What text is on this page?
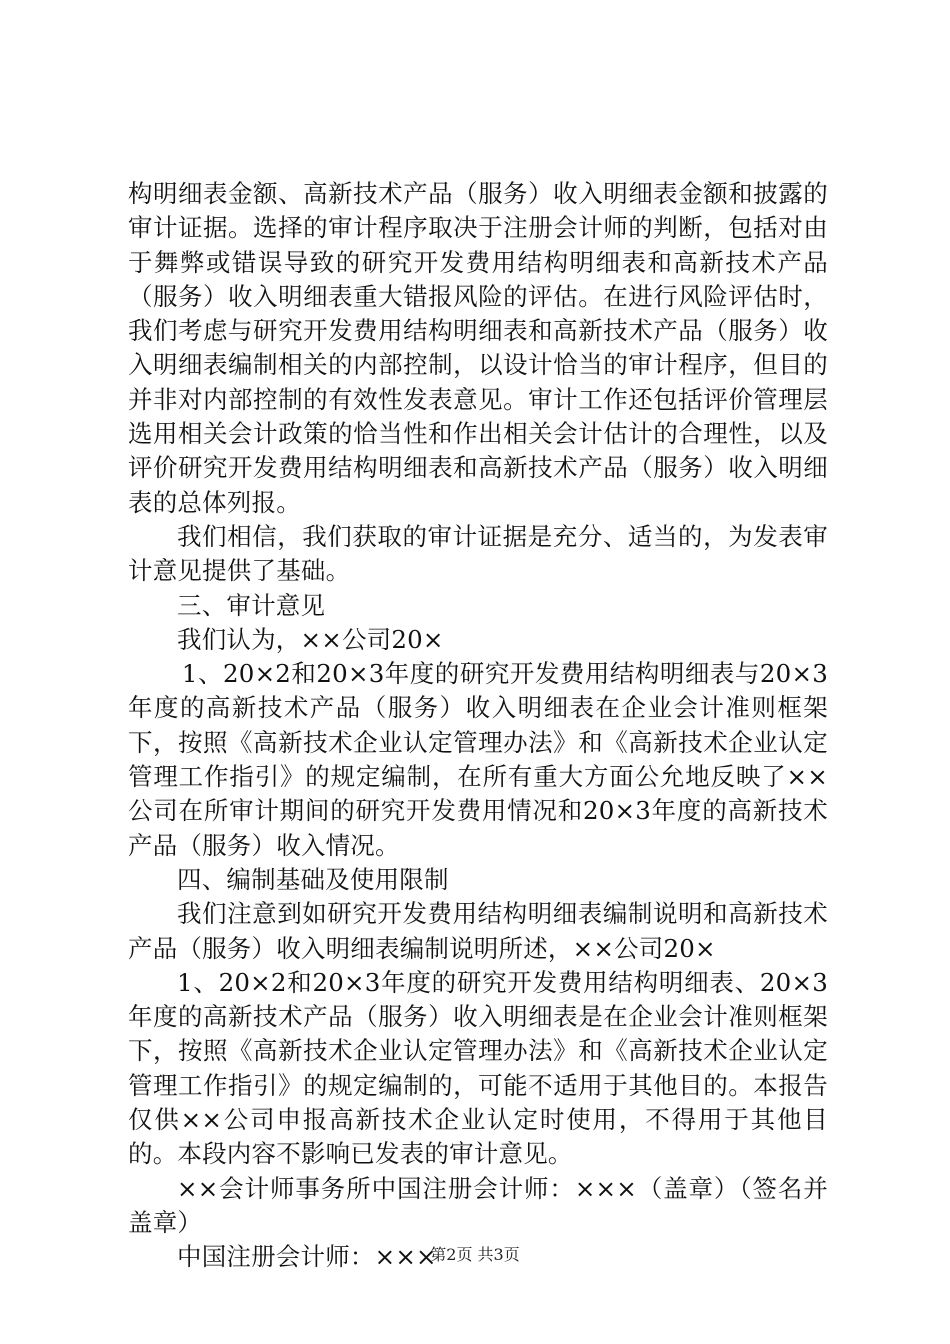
构明细表金额、高新技术产品（服务）收入明细表金额和披露的审计证据。选择的审计程序取决于注册会计师的判断，包括对由于舞弊或错误导致的研究开发费用结构明细表和高新技术产品（服务）收入明细表重大错报风险的评估。在进行风险评估时，我们考虑与研究开发费用结构明细表和高新技术产品（服务）收入明细表编制相关的内部控制，以设计恰当的审计程序，但目的并非对内部控制的有效性发表意见。审计工作还包括评价管理层选用相关会计政策的恰当性和作出相关会计估计的合理性，以及评价研究开发费用结构明细表和高新技术产品（服务）收入明细表的总体列报。

我们相信，我们获取的审计证据是充分、适当的，为发表审计意见提供了基础。

三、审计意见

我们认为，××公司20×

1、20×2和20×3年度的研究开发费用结构明细表与20×3年度的高新技术产品（服务）收入明细表在企业会计准则框架下，按照《高新技术企业认定管理办法》和《高新技术企业认定管理工作指引》的规定编制，在所有重大方面公允地反映了××公司在所审计期间的研究开发费用情况和20×3年度的高新技术产品（服务）收入情况。

四、编制基础及使用限制

我们注意到如研究开发费用结构明细表编制说明和高新技术产品（服务）收入明细表编制说明所述，××公司20×

1、20×2和20×3年度的研究开发费用结构明细表、20×3年度的高新技术产品（服务）收入明细表是在企业会计准则框架下，按照《高新技术企业认定管理办法》和《高新技术企业认定管理工作指引》的规定编制的，可能不适用于其他目的。本报告仅供××公司申报高新技术企业认定时使用，不得用于其他目的。本段内容不影响已发表的审计意见。

××会计师事务所中国注册会计师：×××（盖章）（签名并盖章）

中国注册会计师：×××

第2页 共3页
